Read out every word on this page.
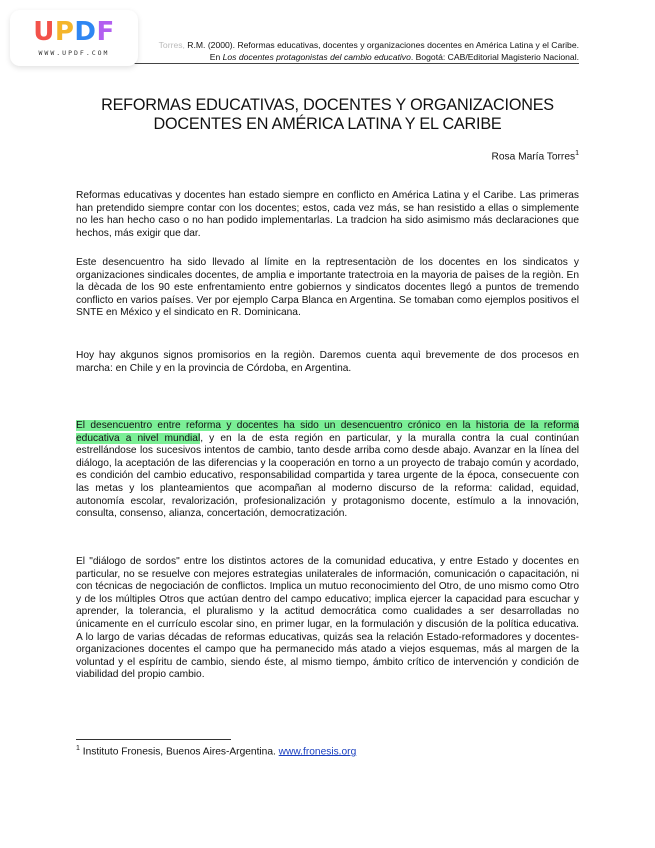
U P D F
WWW.UPDF.COM
Torres, R.M. (2000). Reformas educativas, docentes y organizaciones docentes en América Latina y el Caribe.
En Los docentes protagonistas del cambio educativo. Bogotá: CAB/Editorial Magisterio Nacional.
REFORMAS EDUCATIVAS, DOCENTES Y ORGANIZACIONES
DOCENTES EN AMÉRICA LATINA Y EL CARIBE
Rosa María Torres$^1$

Reformas educativas y docentes han estado siempre en conflicto en América Latina y el Caribe. Las primeras han pretendido siempre contar con los docentes; estos, cada vez más, se han resistido a ellas o simplemente no les han hecho caso o no han podido implementarlas. La tradcion ha sido asimismo más declaraciones que hechos, más exigir que dar.

Este desencuentro ha sido llevado al límite en la reptresentaciòn de los docentes en los sindicatos y organizaciones sindicales docentes, de amplia e importante tratectroia en la mayoria de paìses de la regiòn. En la dècada de los 90 este enfrentamiento entre gobiernos y sindicatos docentes llegó a puntos de tremendo conflicto en varios países. Ver por ejemplo Carpa Blanca en Argentina. Se tomaban como ejemplos positivos el SNTE en México y el sindicato en R. Dominicana.

Hoy hay akgunos signos promisorios en la regiòn. Daremos cuenta aquì brevemente de dos procesos en marcha: en Chile y en la provincia de Córdoba, en Argentina.

El desencuentro entre reforma y docentes ha sido un desencuentro crónico en la historia de la reforma educativa a nivel mundial, y en la de esta región en particular, y la muralla contra la cual continúan estrellándose los sucesivos intentos de cambio, tanto desde arriba como desde abajo. Avanzar en la línea del diálogo, la aceptación de las diferencias y la cooperación en torno a un proyecto de trabajo común y acordado, es condición del cambio educativo, responsabilidad compartida y tarea urgente de la época, consecuente con las metas y los planteamientos que acompañan al moderno discurso de la reforma: calidad, equidad, autonomía escolar, revalorización, profesionalización y protagonismo docente, estímulo a la innovación, consulta, consenso, alianza, concertación, democratización.

El "diálogo de sordos" entre los distintos actores de la comunidad educativa, y entre Estado y docentes en particular, no se resuelve con mejores estrategias unilaterales de información, comunicación o capacitación, ni con técnicas de negociación de conflictos. Implica un mutuo reconocimiento del Otro, de uno mismo como Otro y de los múltiples Otros que actúan dentro del campo educativo; implica ejercer la capacidad para escuchar y aprender, la tolerancia, el pluralismo y la actitud democrática como cualidades a ser desarrolladas no únicamente en el currículo escolar sino, en primer lugar, en la formulación y discusión de la política educativa. A lo largo de varias décadas de reformas educativas, quizás sea la relación Estado-reformadores y docentes-organizaciones docentes el campo que ha permanecido más atado a viejos esquemas, más al margen de la voluntad y el espíritu de cambio, siendo éste, al mismo tiempo, ámbito crítico de intervención y condición de viabilidad del propio cambio.

$^1$ Instituto Fronesis, Buenos Aires-Argentina. www.fronesis.org
